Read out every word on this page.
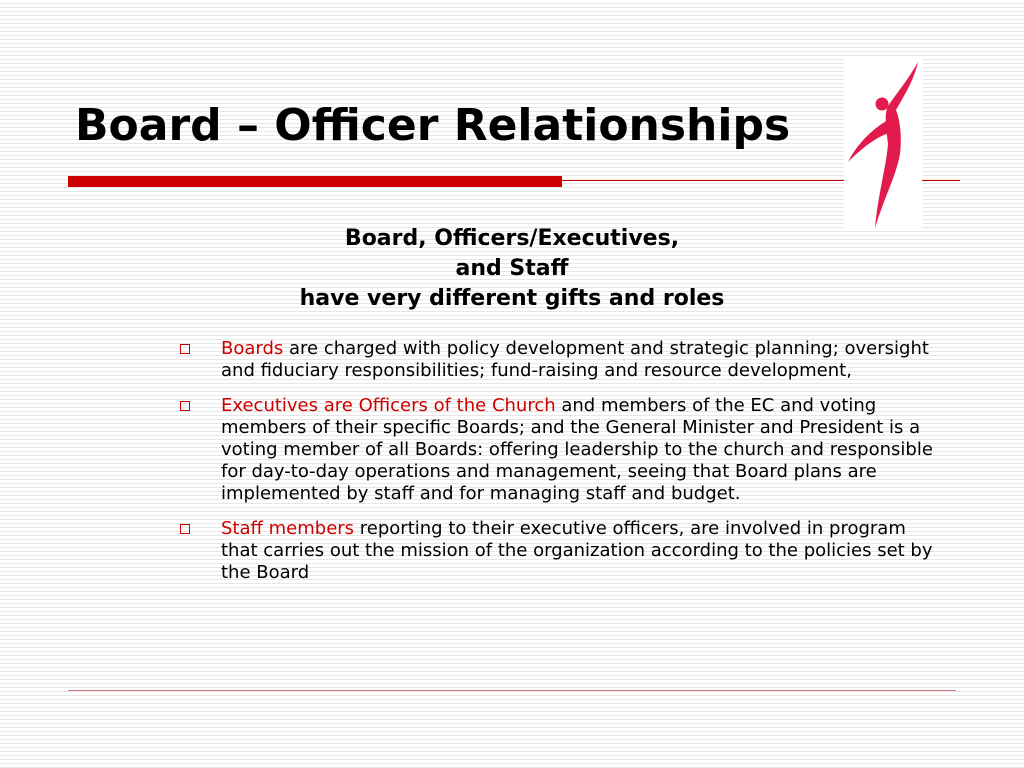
Board – Officer Relationships
Board, Officers/Executives,
and Staff
have very different gifts and roles
Boards are charged with policy development and strategic planning; oversight and fiduciary responsibilities; fund-raising and resource development,
Executives are Officers of the Church and members of the EC and voting members of their specific Boards; and the General Minister and President is a voting member of all Boards: offering leadership to the church and responsible for day-to-day operations and management, seeing that Board plans are implemented by staff and for managing staff and budget.
Staff members reporting to their executive officers, are involved in program that carries out the mission of the organization according to the policies set by the Board
